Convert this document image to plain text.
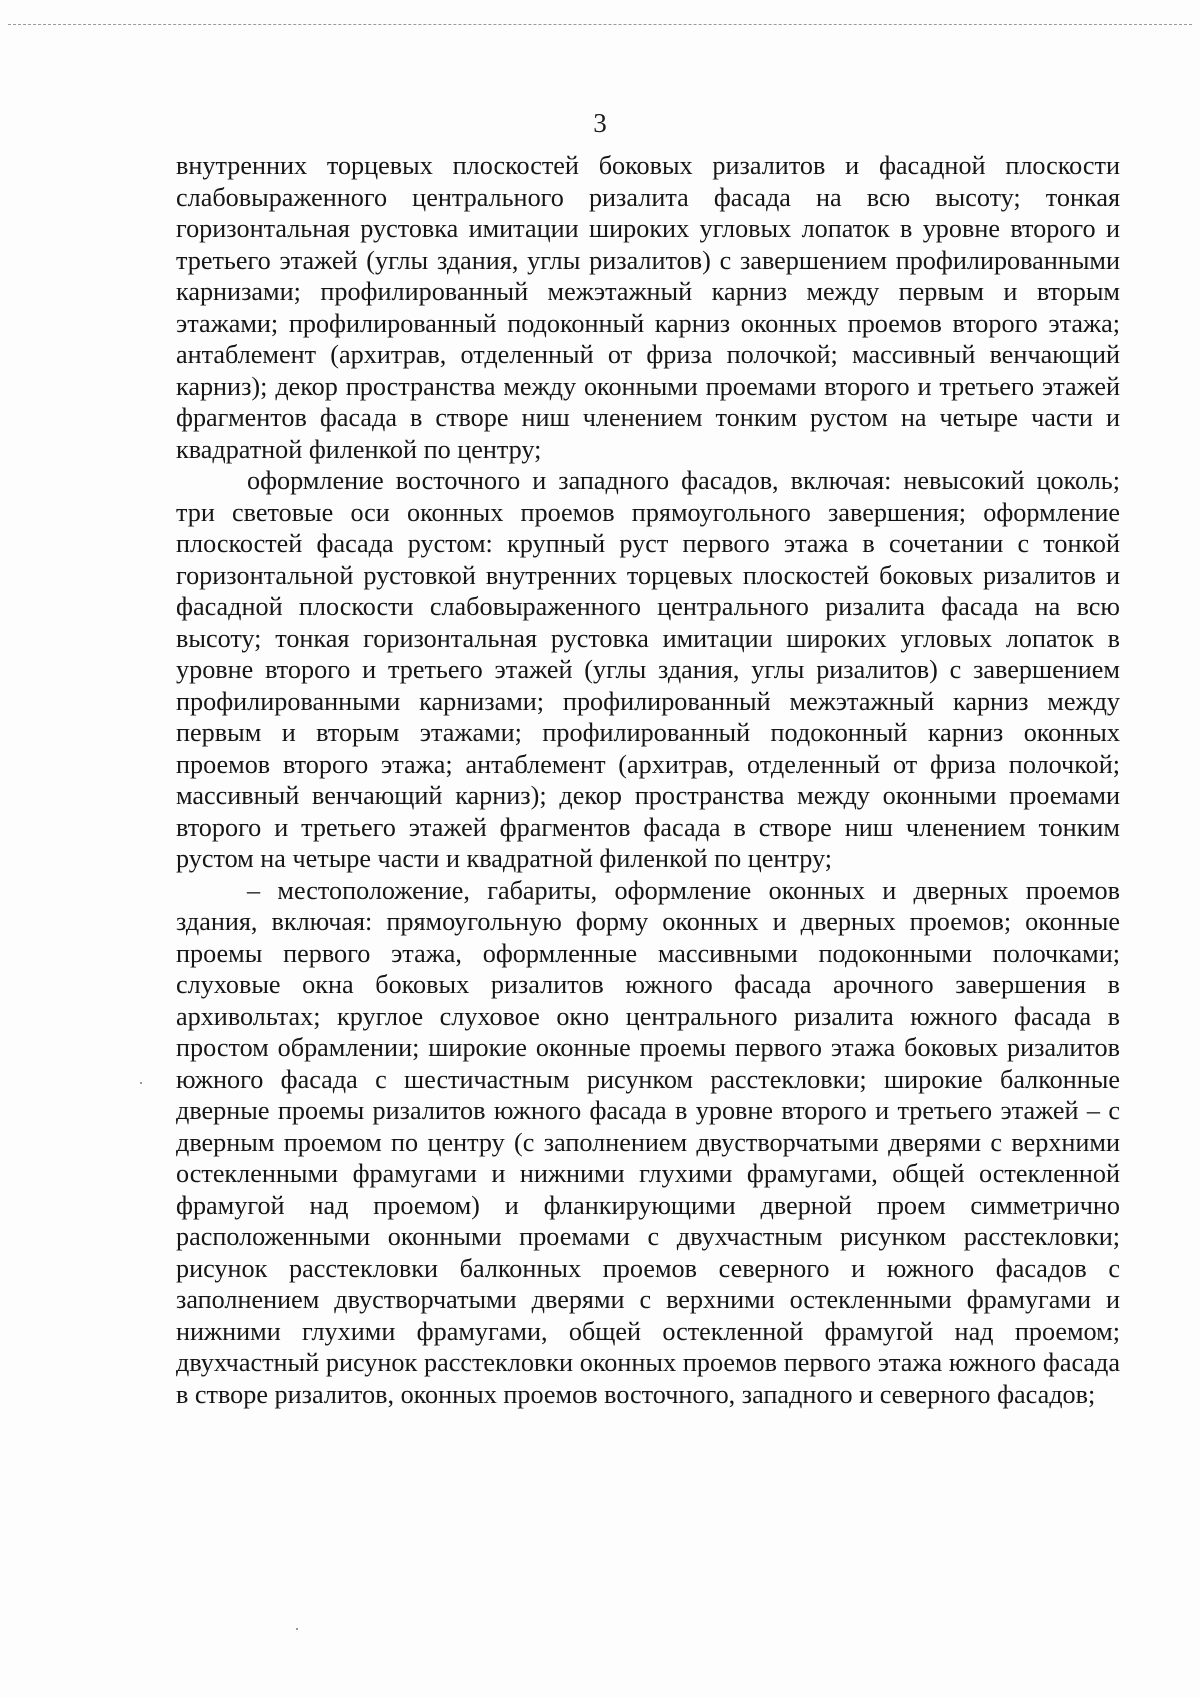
3

внутренних торцевых плоскостей боковых ризалитов и фасадной плоскости слабовыраженного центрального ризалита фасада на всю высоту; тонкая горизонтальная рустовка имитации широких угловых лопаток в уровне второго и третьего этажей (углы здания, углы ризалитов) с завершением профилированными карнизами; профилированный межэтажный карниз между первым и вторым этажами; профилированный подоконный карниз оконных проемов второго этажа; антаблемент (архитрав, отделенный от фриза полочкой; массивный венчающий карниз); декор пространства между оконными проемами второго и третьего этажей фрагментов фасада в створе ниш членением тонким рустом на четыре части и квадратной филенкой по центру;

оформление восточного и западного фасадов, включая: невысокий цоколь; три световые оси оконных проемов прямоугольного завершения; оформление плоскостей фасада рустом: крупный руст первого этажа в сочетании с тонкой горизонтальной рустовкой внутренних торцевых плоскостей боковых ризалитов и фасадной плоскости слабовыраженного центрального ризалита фасада на всю высоту; тонкая горизонтальная рустовка имитации широких угловых лопаток в уровне второго и третьего этажей (углы здания, углы ризалитов) с завершением профилированными карнизами; профилированный межэтажный карниз между первым и вторым этажами; профилированный подоконный карниз оконных проемов второго этажа; антаблемент (архитрав, отделенный от фриза полочкой; массивный венчающий карниз); декор пространства между оконными проемами второго и третьего этажей фрагментов фасада в створе ниш членением тонким рустом на четыре части и квадратной филенкой по центру;

– местоположение, габариты, оформление оконных и дверных проемов здания, включая: прямоугольную форму оконных и дверных проемов; оконные проемы первого этажа, оформленные массивными подоконными полочками; слуховые окна боковых ризалитов южного фасада арочного завершения в архивольтах; круглое слуховое окно центрального ризалита южного фасада в простом обрамлении; широкие оконные проемы первого этажа боковых ризалитов южного фасада с шестичастным рисунком расстекловки; широкие балконные дверные проемы ризалитов южного фасада в уровне второго и третьего этажей – с дверным проемом по центру (с заполнением двустворчатыми дверями с верхними остекленными фрамугами и нижними глухими фрамугами, общей остекленной фрамугой над проемом) и фланкирующими дверной проем симметрично расположенными оконными проемами с двухчастным рисунком расстекловки; рисунок расстекловки балконных проемов северного и южного фасадов с заполнением двустворчатыми дверями с верхними остекленными фрамугами и нижними глухими фрамугами, общей остекленной фрамугой над проемом; двухчастный рисунок расстекловки оконных проемов первого этажа южного фасада в створе ризалитов, оконных проемов восточного, западного и северного фасадов;
